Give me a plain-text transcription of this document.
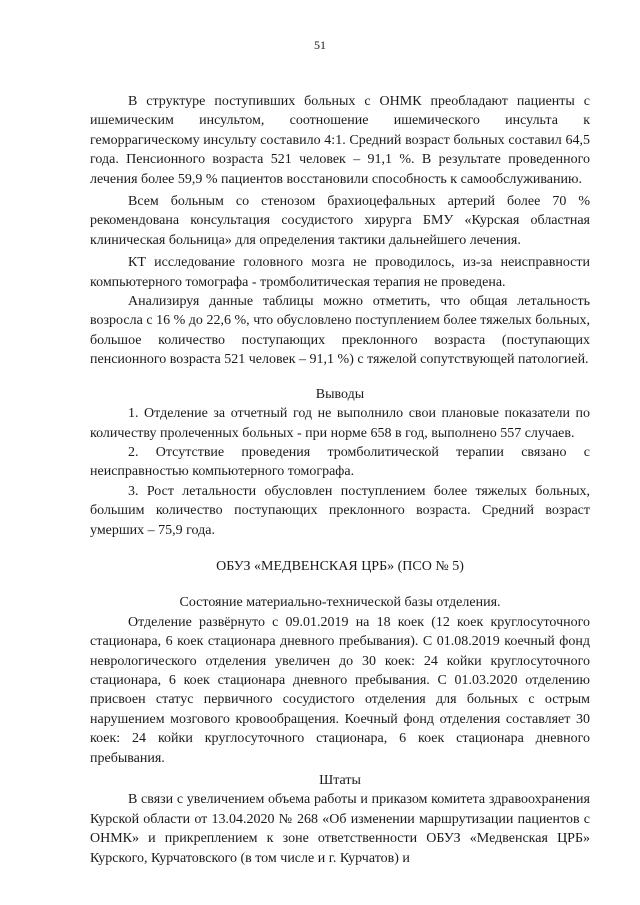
51

В структуре поступивших больных с ОНМК преобладают пациенты с ишемическим инсультом, соотношение ишемического инсульта к геморрагическому инсульту составило 4:1. Средний возраст больных составил 64,5 года. Пенсионного возраста 521 человек – 91,1 %. В результате проведенного лечения более 59,9 % пациентов восстановили способность к самообслуживанию.

Всем больным со стенозом брахиоцефальных артерий более 70 % рекомендована консультация сосудистого хирурга БМУ «Курская областная клиническая больница» для определения тактики дальнейшего лечения.

КТ исследование головного мозга не проводилось, из-за неисправности компьютерного томографа - тромболитическая терапия не проведена.

Анализируя данные таблицы можно отметить, что общая летальность возросла с 16 % до 22,6 %, что обусловлено поступлением более тяжелых больных, большое количество поступающих преклонного возраста (поступающих пенсионного возраста 521 человек – 91,1 %) с тяжелой сопутствующей патологией.

Выводы

1. Отделение за отчетный год не выполнило свои плановые показатели по количеству пролеченных больных - при норме 658 в год, выполнено 557 случаев.

2. Отсутствие проведения тромболитической терапии связано с неисправностью компьютерного томографа.

3. Рост летальности обусловлен поступлением более тяжелых больных, большим количество поступающих преклонного возраста. Средний возраст умерших – 75,9 года.

ОБУЗ «МЕДВЕНСКАЯ ЦРБ» (ПСО № 5)
Состояние материально-технической базы отделения.

Отделение развёрнуто с 09.01.2019 на 18 коек (12 коек круглосуточного стационара, 6 коек стационара дневного пребывания). С 01.08.2019 коечный фонд неврологического отделения увеличен до 30 коек: 24 койки круглосуточного стационара, 6 коек стационара дневного пребывания. С 01.03.2020 отделению присвоен статус первичного сосудистого отделения для больных с острым нарушением мозгового кровообращения. Коечный фонд отделения составляет 30 коек: 24 койки круглосуточного стационара, 6 коек стационара дневного пребывания.

Штаты

В связи с увеличением объема работы и приказом комитета здравоохранения Курской области от 13.04.2020 № 268 «Об изменении маршрутизации пациентов с ОНМК» и прикреплением к зоне ответственности ОБУЗ «Медвенская ЦРБ» Курского, Курчатовского (в том числе и г. Курчатов) и
